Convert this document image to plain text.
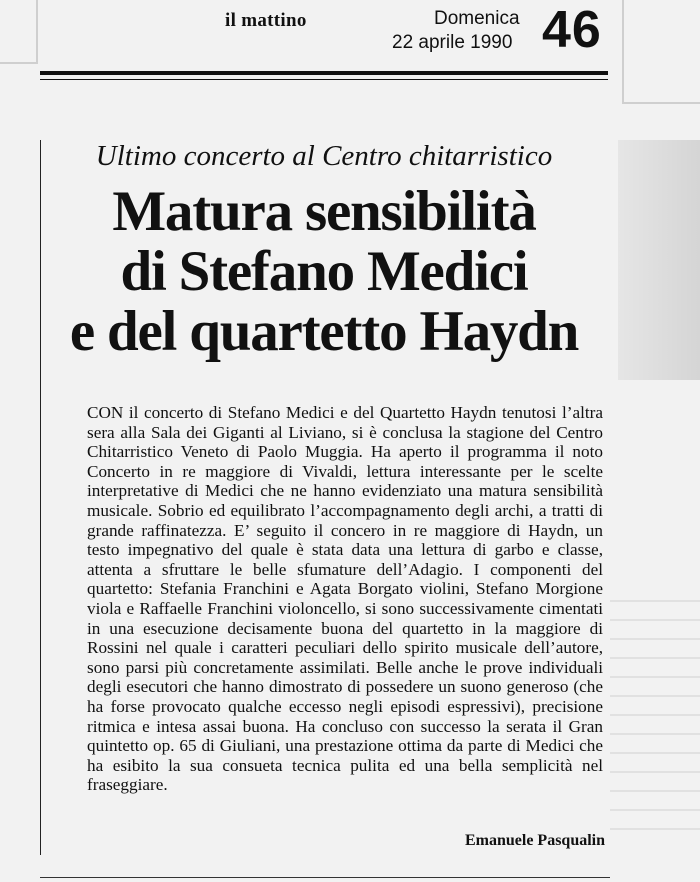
il mattino	Domenica
22 aprile 1990 46
Ultimo concerto al Centro chitarristico
Matura sensibilità
di Stefano Medici
e del quartetto Haydn
CON il concerto di Stefano Medici e del Quartetto Haydn tenutosi l’altra sera alla Sala dei Giganti al Liviano, si è conclusa la stagione del Centro Chitarristico Veneto di Paolo Muggia. Ha aperto il programma il noto Concerto in re maggiore di Vivaldi, lettura interessante per le scelte interpretative di Medici che ne hanno evidenziato una matura sensibilità musicale. Sobrio ed equilibrato l’accompagnamento degli archi, a tratti di grande raffinatezza. E’ seguito il concero in re maggiore di Haydn, un testo impegnativo del quale è stata data una lettura di garbo e classe, attenta a sfruttare le belle sfumature dell’Adagio. I componenti del quartetto: Stefania Franchini e Agata Borgato violini, Stefano Morgione viola e Raffaelle Franchini violoncello, si sono successivamente cimentati in una esecuzione decisamente buona del quartetto in la maggiore di Rossini nel quale i caratteri peculiari dello spirito musicale dell’autore, sono parsi più concretamente assimilati. Belle anche le prove individuali degli esecutori che hanno dimostrato di possedere un suono generoso (che ha forse provocato qualche eccesso negli episodi espressivi), precisione ritmica e intesa assai buona. Ha concluso con successo la serata il Gran quintetto op. 65 di Giuliani, una prestazione ottima da parte di Medici che ha esibito la sua consueta tecnica pulita ed una bella semplicità nel fraseggiare.
Emanuele Pasqualin
